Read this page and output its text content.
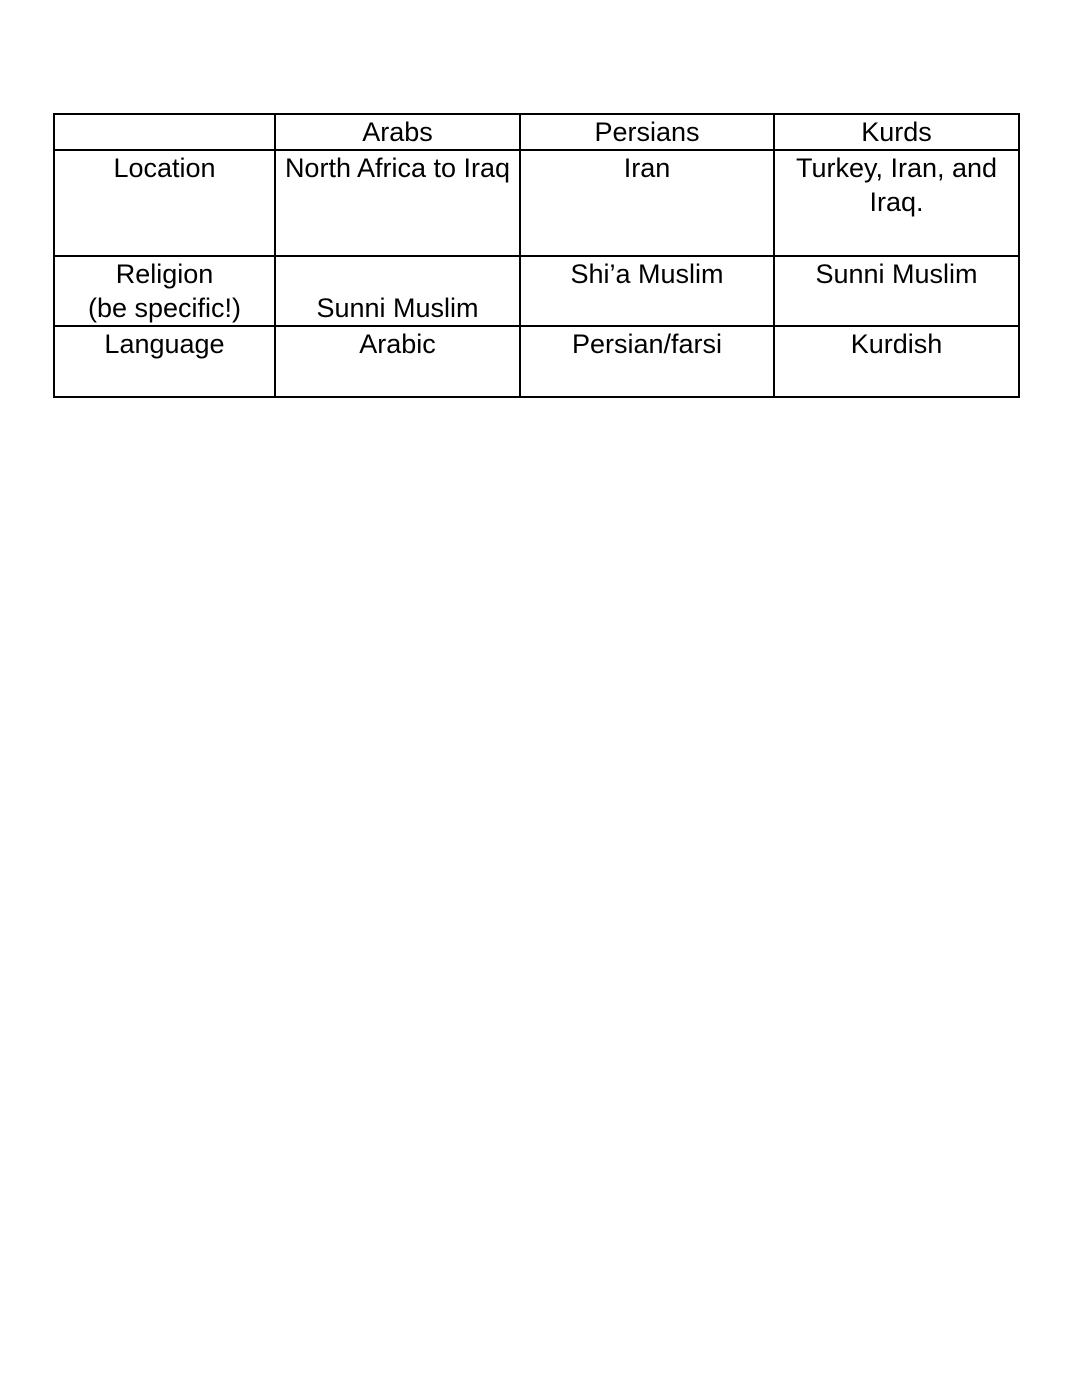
	Arabs	Persians	Kurds

Location	North Africa to Iraq	Iran	Turkey, Iran, and Iraq.

Religion
(be specific!)	Sunni Muslim	Shi’a Muslim	Sunni Muslim

Language	Arabic	Persian/farsi	Kurdish
